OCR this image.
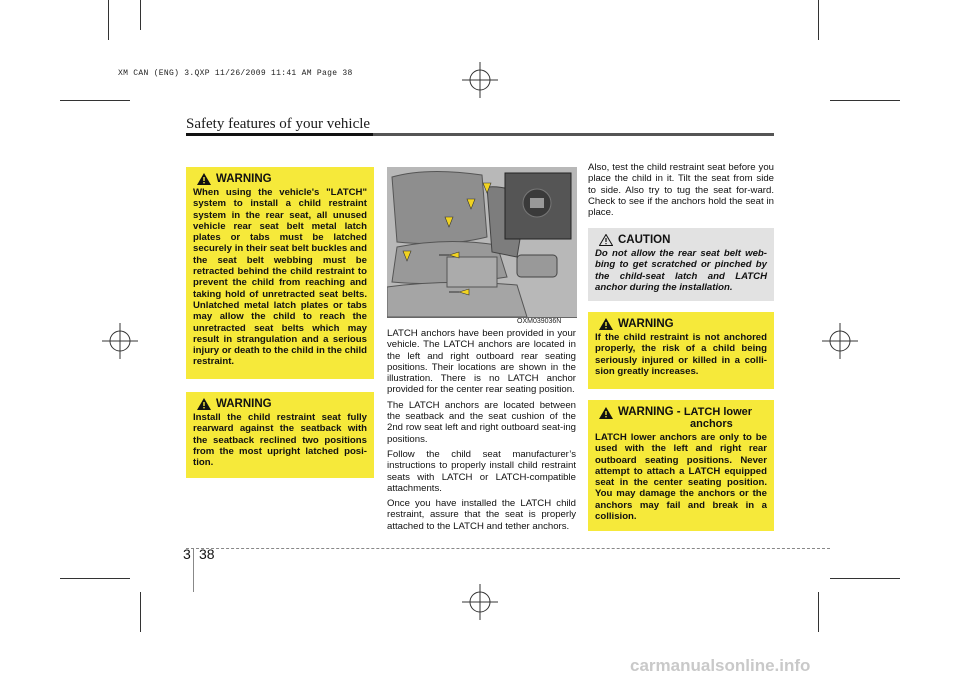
XM CAN (ENG) 3.QXP 11/26/2009 11:41 AM Page 38
Safety features of your vehicle
WARNING
When using the vehicle's "LATCH" system to install a child restraint system in the rear seat, all unused vehicle rear seat belt metal latch plates or tabs must be latched securely in their seat belt buckles and the seat belt webbing must be retracted behind the child restraint to prevent the child from reaching and taking hold of unretracted seat belts. Unlatched metal latch plates or tabs may allow the child to reach the unretracted seat belts which may result in strangulation and a serious injury or death to the child in the child restraint.
WARNING
Install the child restraint seat fully rearward against the seatback with the seatback reclined two positions from the most upright latched posi-tion.
OXM039036N

LATCH anchors have been provided in your vehicle. The LATCH anchors are located in the left and right outboard rear seating positions. Their locations are shown in the illustration. There is no LATCH anchor provided for the center rear seating position.

The LATCH anchors are located between the seatback and the seat cushion of the 2nd row seat left and right outboard seat-ing positions.

Follow the child seat manufacturer’s instructions to properly install child restraint seats with LATCH or LATCH-compatible attachments.

Once you have installed the LATCH child restraint, assure that the seat is properly attached to the LATCH and tether anchors.

Also, test the child restraint seat before you place the child in it. Tilt the seat from side to side. Also try to tug the seat for-ward. Check to see if the anchors hold the seat in place.

CAUTION
Do not allow the rear seat belt web-bing to get scratched or pinched by the child-seat latch and LATCH anchor during the installation.
WARNING
If the child restraint is not anchored properly, the risk of a child being seriously injured or killed in a colli-sion greatly increases.
WARNING - LATCH lower
anchors
LATCH lower anchors are only to be used with the left and right rear outboard seating positions. Never attempt to attach a LATCH equipped seat in the center seating position. You may damage the anchors or the anchors may fail and break in a collision.
3 38
carmanualsonline.info
